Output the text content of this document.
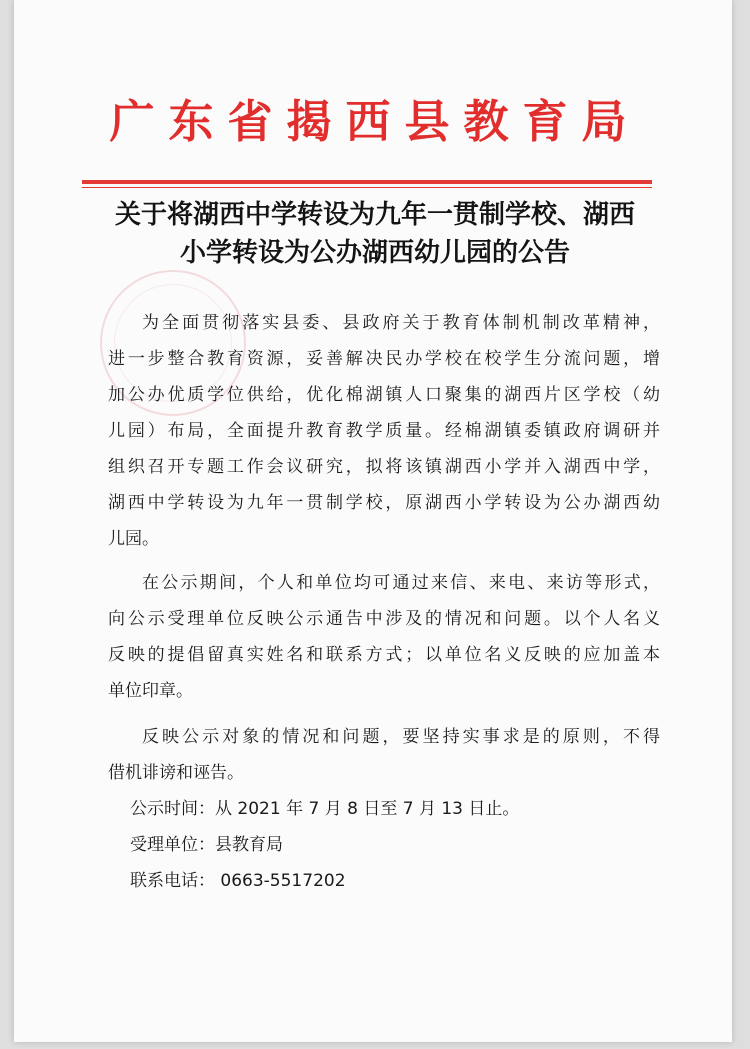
广东省揭西县教育局
关于将湖西中学转设为九年一贯制学校、湖西
小学转设为公办湖西幼儿园的公告
为全面贯彻落实县委、县政府关于教育体制机制改革精神，
进一步整合教育资源，妥善解决民办学校在校学生分流问题，增
加公办优质学位供给，优化棉湖镇人口聚集的湖西片区学校（幼
儿园）布局，全面提升教育教学质量。经棉湖镇委镇政府调研并
组织召开专题工作会议研究，拟将该镇湖西小学并入湖西中学，
湖西中学转设为九年一贯制学校，原湖西小学转设为公办湖西幼
儿园。
在公示期间，个人和单位均可通过来信、来电、来访等形式，
向公示受理单位反映公示通告中涉及的情况和问题。以个人名义
反映的提倡留真实姓名和联系方式；以单位名义反映的应加盖本
单位印章。
反映公示对象的情况和问题，要坚持实事求是的原则，不得
借机诽谤和诬告。
公示时间：从 2021 年 7 月 8 日至 7 月 13 日止。
受理单位：县教育局
联系电话： 0663-5517202
